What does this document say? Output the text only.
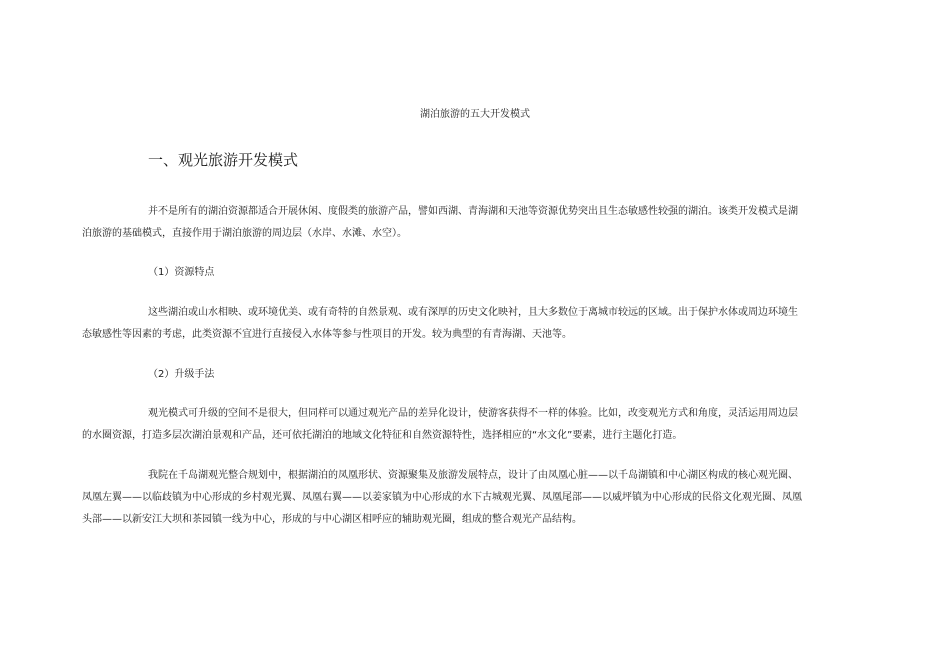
湖泊旅游的五大开发模式
一、观光旅游开发模式

并不是所有的湖泊资源都适合开展休闲、度假类的旅游产品，譬如西湖、青海湖和天池等资源优势突出且生态敏感性较强的湖泊。该类开发模式是湖泊旅游的基础模式，直接作用于湖泊旅游的周边层（水岸、水滩、水空）。

（1）资源特点

这些湖泊或山水相映、或环境优美、或有奇特的自然景观、或有深厚的历史文化映衬，且大多数位于离城市较远的区域。出于保护水体或周边环境生态敏感性等因素的考虑，此类资源不宜进行直接侵入水体等参与性项目的开发。较为典型的有青海湖、天池等。

（2）升级手法

观光模式可升级的空间不是很大，但同样可以通过观光产品的差异化设计，使游客获得不一样的体验。比如，改变观光方式和角度，灵活运用周边层的水圈资源，打造多层次湖泊景观和产品，还可依托湖泊的地域文化特征和自然资源特性，选择相应的“水文化”要素，进行主题化打造。

我院在千岛湖观光整合规划中，根据湖泊的凤凰形状、资源聚集及旅游发展特点，设计了由凤凰心脏——以千岛湖镇和中心湖区构成的核心观光圈、凤凰左翼——以临歧镇为中心形成的乡村观光翼、凤凰右翼——以姜家镇为中心形成的水下古城观光翼、凤凰尾部——以威坪镇为中心形成的民俗文化观光圈、凤凰头部——以新安江大坝和茶园镇一线为中心，形成的与中心湖区相呼应的辅助观光圈，组成的整合观光产品结构。
